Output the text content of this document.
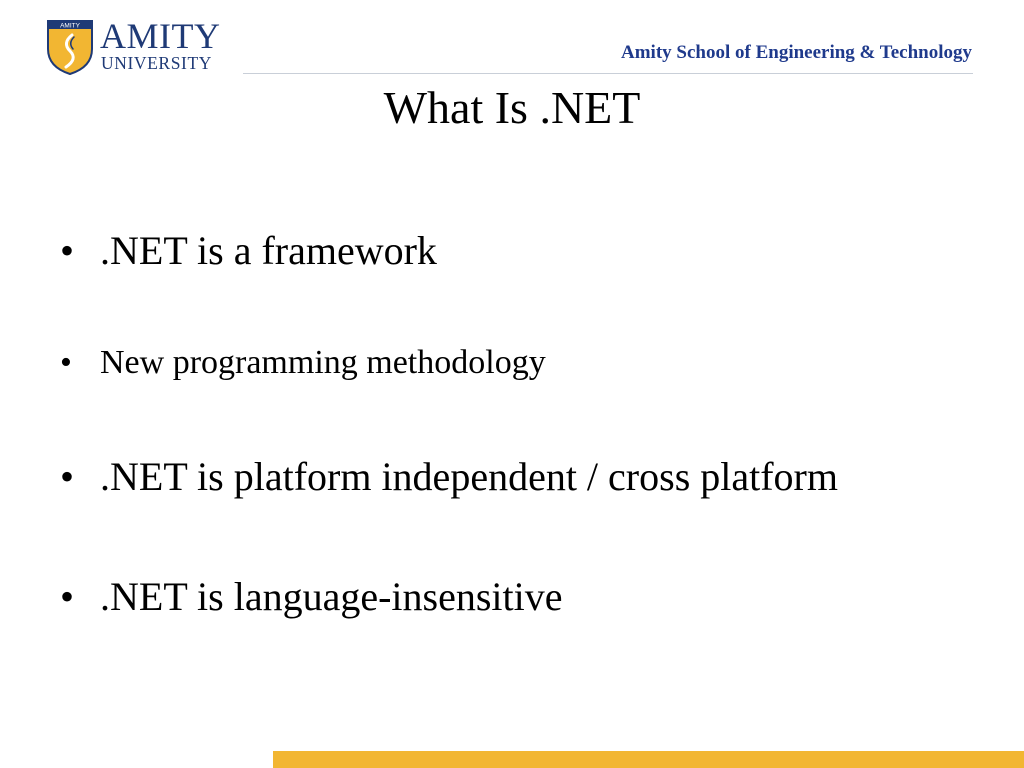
AMITY AMITY
UNIVERSITY	Amity School of Engineering & Technology
What Is .NET
• .NET is a framework
• New programming methodology
• .NET is platform independent / cross platform
• .NET is language-insensitive
